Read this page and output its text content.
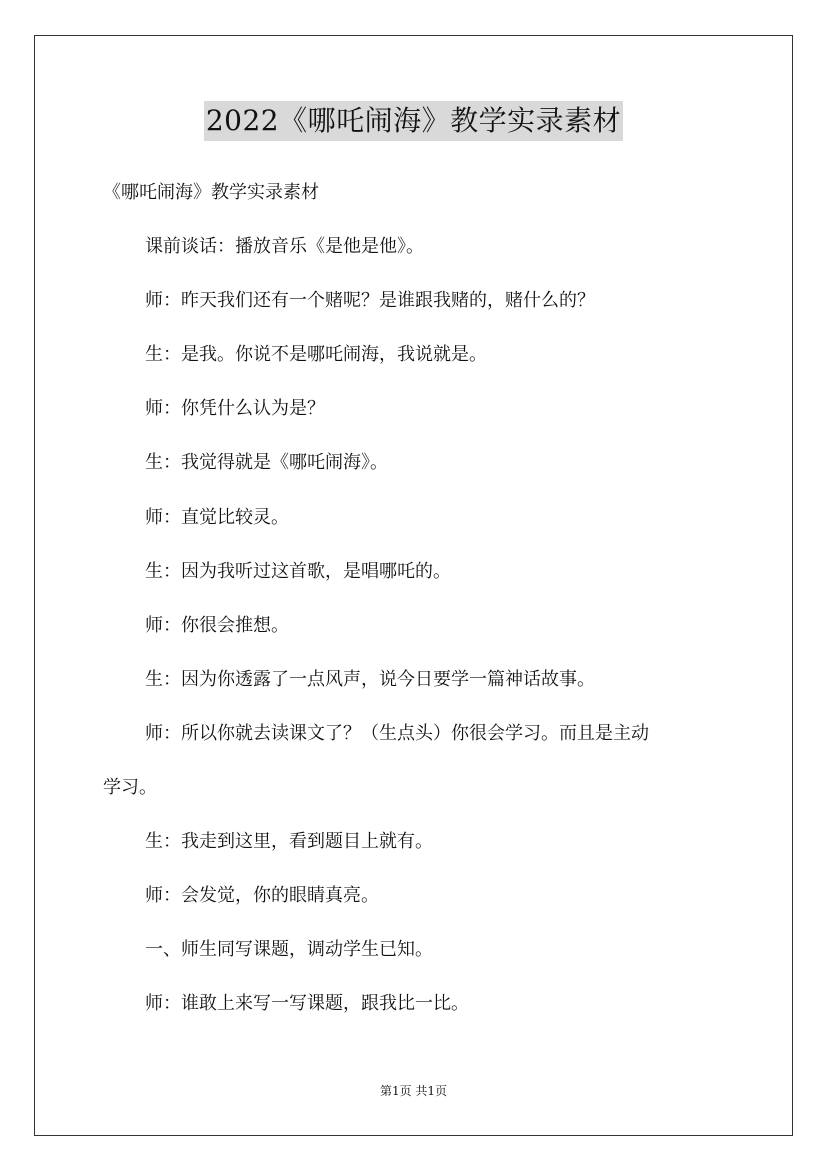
2022《哪吒闹海》教学实录素材
《哪吒闹海》教学实录素材
课前谈话：播放音乐《是他是他》。
师：昨天我们还有一个赌呢？是谁跟我赌的，赌什么的？
生：是我。你说不是哪吒闹海，我说就是。
师：你凭什么认为是？
生：我觉得就是《哪吒闹海》。
师：直觉比较灵。
生：因为我听过这首歌，是唱哪吒的。
师：你很会推想。
生：因为你透露了一点风声，说今日要学一篇神话故事。
师：所以你就去读课文了？（生点头）你很会学习。而且是主动
学习。
生：我走到这里，看到题目上就有。
师：会发觉，你的眼睛真亮。
一、师生同写课题，调动学生已知。
师：谁敢上来写一写课题，跟我比一比。
第1页 共1页
